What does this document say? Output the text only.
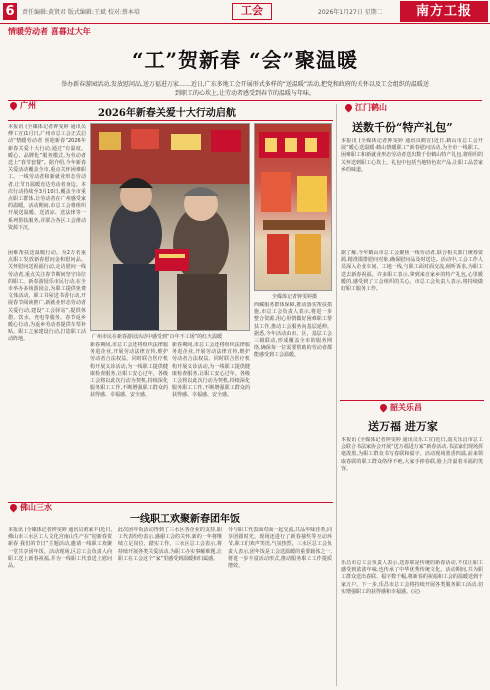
6	责任编辑:黄贤君 版式编辑:王斌 校对:蔡本培	工会	2026年1月27日 星期二	南方工报
情暖劳动者 喜暮过大年
“工”贺新春 “会”聚温暖
举办新春游园活动,发放慰问品,送万福进万家……近日,广东多地工会开展形式多样的“送温暖”活动,把党和政府的关怀以及工会组织的温暖送到职工的心坎上,让劳动者感受到春节的温暖与年味。
广州
2026年新春关爱十大行动启航
本报讯 (全媒体记者钟雯婷 通讯员傅工宣)1月日,广州市总工会正式启动“情暖劳动者 喜迎新春”2026年新春关爱十大行动,通过“有温度、暖心、品牌化”服务模式,为劳动者送上“春节套餐”。据介绍,今年新春关爱活动覆盖全市,重点关怀困难职工、一线劳动者和新就业形态劳动者,让节日温暖直达劳动者身边。本次行动持续至3月10日,覆盖全市重点职工群体,让劳动者在广州感受家的温暖。活动期间,市总工会将组织开展送温暖、送清凉、送法律等一系列帮扶服务,并联合各区工会推动资源下沉。
困难帮扶送温暖行动。为2万名重点职工发放新春慰问金和慰问品。关怀慰问送祝福行动,走访慰问一线劳动者,重点关注春节期间坚守岗位的职工。新春游园乐市民行动,在全市举办多场游园会,为职工提供免费文体活动。职工书屋送书香行动,开展春节阅读推广,新就业形态劳动者关爱行动,建设“工会驿站”,提供休憩、饮水、充电等服务。春节返乡暖心行动,为返乡劳动者提供车票补贴。职工之家建设行动,打造职工活动阵地。	广州市民在新春游园活动中感受到“百年不工场”的红火温暖
全媒体记者钟雯婷摄
新春期间,市总工会还将组织法律服务进企业,开展劳动法律宣传,维护劳动者合法权益。同时联合医疗机构开展义诊活动,为一线职工提供健康检查服务,让职工安心过年。各级工会将以此次行动为契机,持续深化服务职工工作,不断增强职工群众的获得感、幸福感、安全感。
新春期间,市总工会还将组织法律服务进企业,开展劳动法律宣传,维护劳动者合法权益。同时联合医疗机构开展义诊活动,为一线职工提供健康检查服务,让职工安心过年。各级工会将以此次行动为契机,持续深化服务职工工作,不断增强职工群众的获得感、幸福感、安全感。
西藏服务群体保障,推动落实帮扶措施,市总工会负责人表示,将进一步整合资源,用心用情做好困难职工帮扶工作,推动工会服务向基层延伸。据悉,今年活动由市、区、基层工会三级联动,形成覆盖全市的服务网络,确保每一位需要帮助的劳动者都能感受到工会温暖。
佛山三水
一线职工欢聚新春团年饭
本报讯 (全媒体记者钟雯婷 通讯员黄家丰)近日,佛山市三水区工人文化宫南山生产在“迎新春贺新春 我们的节日”主题活动,邀请一线职工欢聚一堂共享团年饭。活动现场,区总工会负责人向职工送上新春祝福,并为一线职工代表送上慰问品。
此次团年饭活动得到了三水区各企业的支持,职工代表纷纷表示,感谢工会的关怀,新的一年将继续立足岗位、踏实工作。三水区总工会表示,将持续开展各类关爱活动,为职工办实事解难题,让职工在工会这个“家”里感受到温暖和归属感。
导与职工代表面对面一起交流,共品年味佳肴,同享团圆时光。现场还进行了新春抽奖等互动环节,职工们欢声笑语,气氛热烈。三水区总工会负责人表示,团年饭是工会送温暖的重要载体之一,将进一步丰富活动形式,推动服务职工工作提质增效。
江门鹤山
送数千份“特产礼包”
本报讯 (全媒体记者钟雯婷 通讯员鹤宣)近日,鹤山市总工会开展“暖心送温暖·鹤山情暖职工”新春慰问活动,为全市一线职工、困难职工和新就业形态劳动者送出数千份鹤山特产礼包,将组织的关怀送到职工心坎上。礼包中包括当地特色农产品,让职工品尝家乡的味道。
据了解,今年鹤山市总工会聚焦一线劳动者,联合相关部门统筹资源,精准摸排慰问对象,确保慰问品及时送达。活动中,工会工作人员深入企业车间、工地一线,与职工面对面交流,倾听诉求,为职工送去新春祝福。许多职工表示,拿到来自家乡的特产礼包,心里暖暖的,感受到了工会组织的关心。市总工会负责人表示,将持续做好职工服务工作。
韶关乐昌
送万福 进万家
本报讯 (全媒体记者钟雯婷 通讯员乐工宣)近日,韶关乐昌市总工会联合书法家协会开展“送万福进万家”新春活动,书法家们现场挥毫泼墨,为职工群众书写春联和福字。活动现场墨香四溢,前来领取春联的职工群众络绎不绝,大家手捧春联,脸上洋溢着幸福的笑容。
乐昌市总工会负责人表示,送春联是传统的新春活动,不仅让职工感受到浓浓年味,也传承了中华优秀传统文化。活动期间,共为职工群众送出春联、福字数千幅,将新春的祝福和工会的温暖送到千家万户。下一步,乐昌市总工会将持续开展各类服务职工活动,切实增强职工的获得感和幸福感。(完)
